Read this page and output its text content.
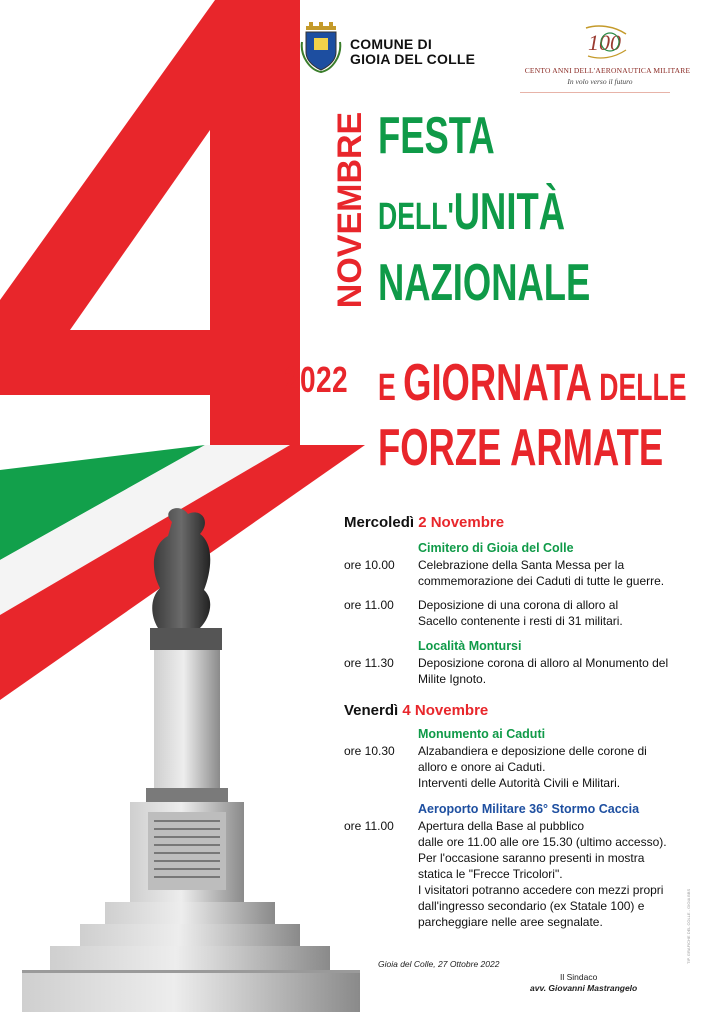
COMUNE DI
GIOIA DEL COLLE
100
CENTO ANNI DELL'AERONAUTICA MILITARE
In volo verso il futuro
NOVEMBRE
2022
FESTA
DELL'UNITÀ
NAZIONALE
E GIORNATA DELLE
FORZE ARMATE
Mercoledì 2 Novembre
Cimitero di Gioia del Colle
ore 10.00 Celebrazione della Santa Messa per la
commemorazione dei Caduti di tutte le guerre.
ore 11.00 Deposizione di una corona di alloro al
Sacello contenente i resti di 31 militari.
Località Montursi
ore 11.30 Deposizione corona di alloro al Monumento del
Milite Ignoto.
Venerdì 4 Novembre
Monumento ai Caduti
ore 10.30 Alzabandiera e deposizione delle corone di
alloro e onore ai Caduti.
Interventi delle Autorità Civili e Militari.
Aeroporto Militare 36° Stormo Caccia
ore 11.00 Apertura della Base al pubblico
dalle ore 11.00 alle ore 15.30 (ultimo accesso).
Per l'occasione saranno presenti in mostra
statica le "Frecce Tricolori".
I visitatori potranno accedere con mezzi propri
dall'ingresso secondario (ex Statale 100) e
parcheggiare nelle aree segnalate.
Gioia del Colle, 27 Ottobre 2022
Il Sindaco
avv. Giovanni Mastrangelo
TIP. GRAFICHE DEL COLLE - GIOIA BBS
